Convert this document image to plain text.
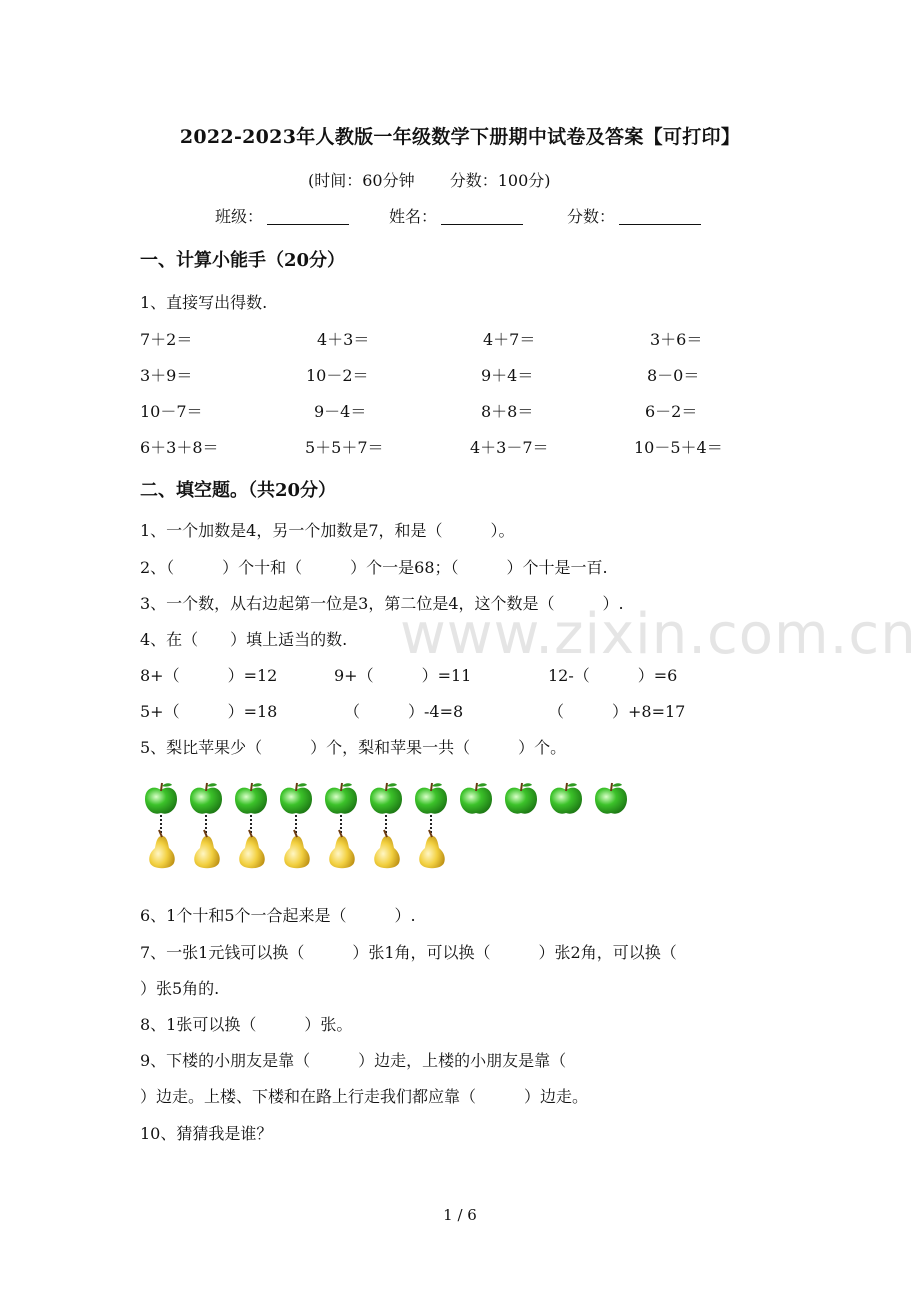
2022-2023年人教版一年级数学下册期中试卷及答案【可打印】
(时间：60分钟 分数：100分)
班级：	姓名：	分数：
一、计算小能手（20分）
1、直接写出得数.
7＋2＝	4＋3＝	4＋7＝	3＋6＝
3＋9＝	10－2＝	9＋4＝	8－0＝
10－7＝	9－4＝	8＋8＝	6－2＝
6＋3＋8＝	5＋5＋7＝	4＋3－7＝	10－5＋4＝
二、填空题。（共20分）
1、一个加数是4，另一个加数是7，和是（　　　）。
2、（　　　）个十和（　　　）个一是68；（　　　）个十是一百.
3、一个数，从右边起第一位是3，第二位是4，这个数是（　　　）.
4、在（　　）填上适当的数.
8+（　　　）=12	9+（　　　）=11	12-（　　　）=6
5+（　　　）=18	（　　　）-4=8	（　　　）+8=17
5、梨比苹果少（　　　）个，梨和苹果一共（　　　）个。
6、1个十和5个一合起来是（　　　）.
7、一张1元钱可以换（　　　）张1角，可以换（　　　）张2角，可以换（
）张5角的.
8、1张可以换（　　　）张。
9、下楼的小朋友是靠（　　　）边走，上楼的小朋友是靠（
）边走。上楼、下楼和在路上行走我们都应靠（　　　）边走。
10、猜猜我是谁？
www.zixin.com.cn
1 / 6
